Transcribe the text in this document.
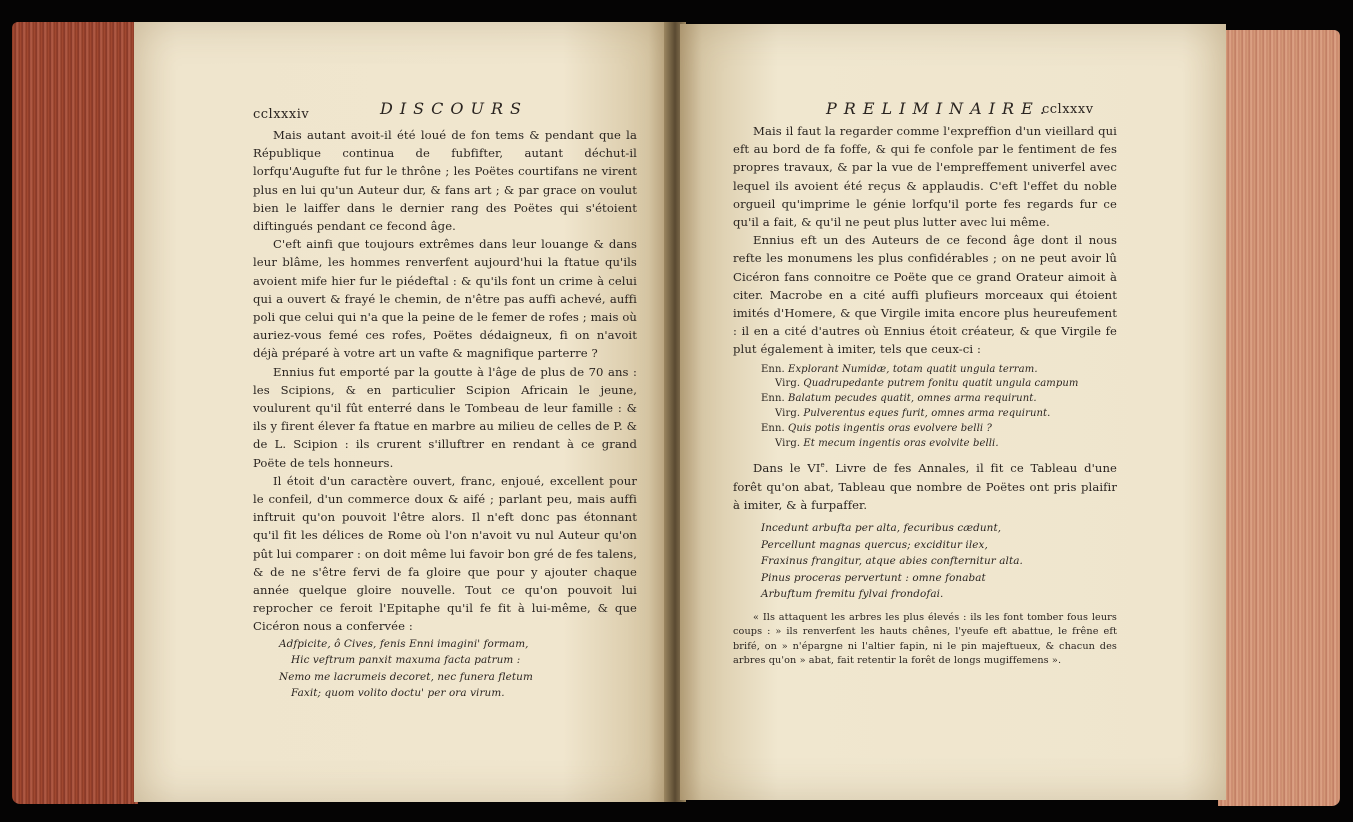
cclxxxiv	DISCOURS

Mais autant avoit-il été loué de fon tems & pendant que la République continua de fubfifter, autant déchut-il lorfqu'Augufte fut fur le thrône ; les Poëtes courtifans ne virent plus en lui qu'un Auteur dur, & fans art ; & par grace on voulut bien le laiffer dans le dernier rang des Poëtes qui s'étoient diftingués pendant ce fecond âge.

C'eft ainfi que toujours extrêmes dans leur louange & dans leur blâme, les hommes renverfent aujourd'hui la ftatue qu'ils avoient mife hier fur le piédeftal : & qu'ils font un crime à celui qui a ouvert & frayé le chemin, de n'être pas auffi achevé, auffi poli que celui qui n'a que la peine de le femer de rofes ; mais où auriez-vous femé ces rofes, Poëtes dédaigneux, fi on n'avoit déjà préparé à votre art un vafte & magnifique parterre ?

Ennius fut emporté par la goutte à l'âge de plus de 70 ans : les Scipions, & en particulier Scipion Africain le jeune, voulurent qu'il fût enterré dans le Tombeau de leur famille : & ils y firent élever fa ftatue en marbre au milieu de celles de P. & de L. Scipion : ils crurent s'illuftrer en rendant à ce grand Poëte de tels honneurs.

Il étoit d'un caractère ouvert, franc, enjoué, excellent pour le confeil, d'un commerce doux & aifé ; parlant peu, mais auffi inftruit qu'on pouvoit l'être alors. Il n'eft donc pas étonnant qu'il fit les délices de Rome où l'on n'avoit vu nul Auteur qu'on pût lui comparer : on doit même lui favoir bon gré de fes talens, & de ne s'être fervi de fa gloire que pour y ajouter chaque année quelque gloire nouvelle. Tout ce qu'on pouvoit lui reprocher ce feroit l'Epitaphe qu'il fe fit à lui-même, & que Cicéron nous a confervée :

Adfpicite, ô Cives, fenis Enni imagini' formam,
Hic veftrum panxit maxuma facta patrum :
Nemo me lacrumeis decoret, nec funera fletum
Faxit; quom volito doctu' per ora virum.
PRELIMINAIRE.
cclxxxv

Mais il faut la regarder comme l'expreffion d'un vieillard qui eft au bord de fa foffe, & qui fe confole par le fentiment de fes propres travaux, & par la vue de l'empreffement univerfel avec lequel ils avoient été reçus & applaudis. C'eft l'effet du noble orgueil qu'imprime le génie lorfqu'il porte fes regards fur ce qu'il a fait, & qu'il ne peut plus lutter avec lui même.

Ennius eft un des Auteurs de ce fecond âge dont il nous refte les monumens les plus confidérables ; on ne peut avoir lû Cicéron fans connoitre ce Poëte que ce grand Orateur aimoit à citer. Macrobe en a cité auffi plufieurs morceaux qui étoient imités d'Homere, & que Virgile imita encore plus heureufement : il en a cité d'autres où Ennius étoit créateur, & que Virgile fe plut également à imiter, tels que ceux-ci :

Enn. Explorant Numidæ, totam quatit ungula terram.
Virg. Quadrupedante putrem fonitu quatit ungula campum
Enn. Balatum pecudes quatit, omnes arma requirunt.
Virg. Pulverentus eques furit, omnes arma requirunt.
Enn. Quis potis ingentis oras evolvere belli ?
Virg. Et mecum ingentis oras evolvite belli.

Dans le VIe. Livre de fes Annales, il fit ce Tableau d'une forêt qu'on abat, Tableau que nombre de Poëtes ont pris plaifir à imiter, & à furpaffer.

Incedunt arbufta per alta, fecuribus cædunt,
Percellunt magnas quercus; exciditur ilex,
Fraxinus frangitur, atque abies confternitur alta.
Pinus proceras pervertunt : omne fonabat
Arbuftum fremitu fylvai frondofai.

« Ils attaquent les arbres les plus élevés : ils les font tomber fous leurs coups : » ils renverfent les hauts chênes, l'yeufe eft abattue, le frêne eft brifé, on » n'épargne ni l'altier fapin, ni le pin majeftueux, & chacun des arbres qu'on » abat, fait retentir la forêt de longs mugiffemens ».
